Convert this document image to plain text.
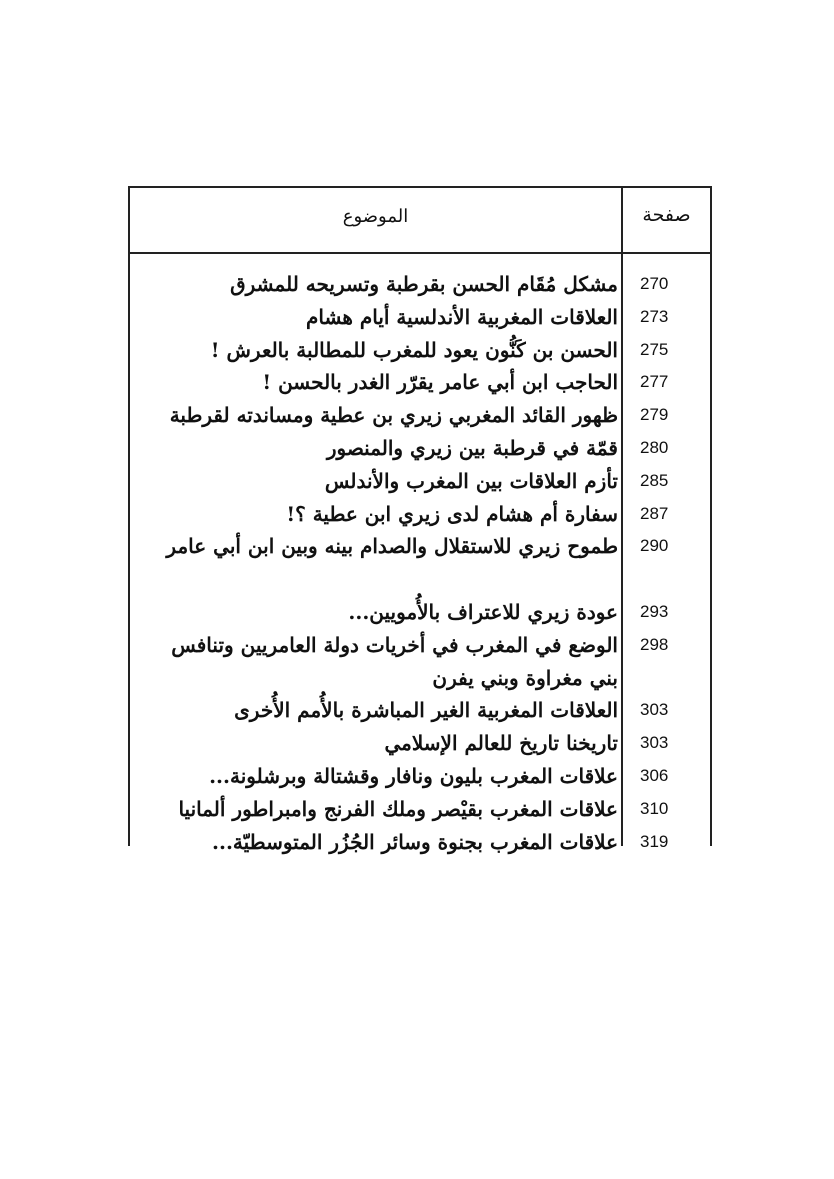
الموضوع	صفحة
مشكل مُقَام الحسن بقرطبة وتسريحه للمشرق 270
العلاقات المغربية الأندلسية أيام هشام 273
الحسن بن كَنُّون يعود للمغرب للمطالبة بالعرش ! 275
الحاجب ابن أبي عامر يقرّر الغدر بالحسن ! 277
ظهور القائد المغربي زيري بن عطية ومساندته لقرطبة 279
قمّة في قرطبة بين زيري والمنصور 280
تأزم العلاقات بين المغرب والأندلس 285
سفارة أم هشام لدى زيري ابن عطية ؟! 287
طموح زيري للاستقلال والصدام بينه وبين ابن أبي عامر 290
عودة زيري للاعتراف بالأُمويين... 293
الوضع في المغرب في أخريات دولة العامريين وتنافس بني مغراوة وبني يفرن
298
العلاقات المغربية الغير المباشرة بالأُمم الأُخرى 303
تاريخنا تاريخ للعالم الإسلامي 303
علاقات المغرب بليون ونافار وقشتالة وبرشلونة... 306
علاقات المغرب بقيْصر وملك الفرنج وامبراطور ألمانيا 310
علاقات المغرب بجنوة وسائر الجُزُر المتوسطيّة... 319
